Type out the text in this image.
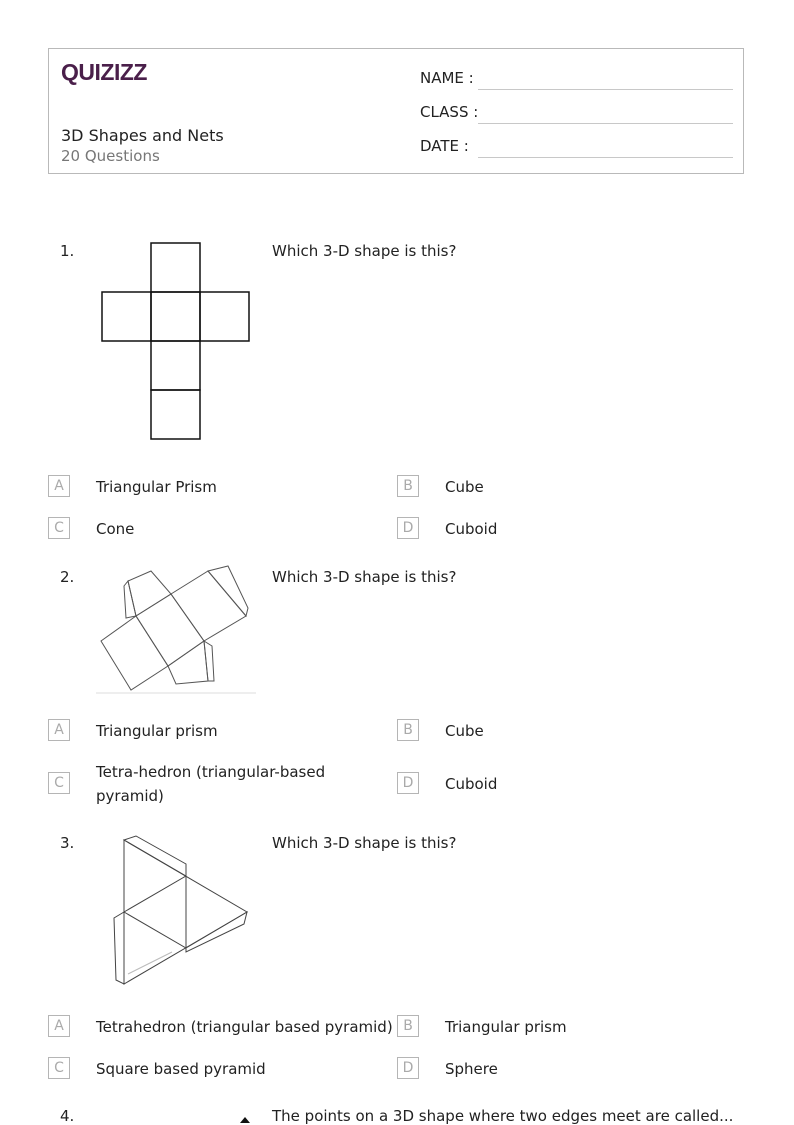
QUIZIZZ
3D Shapes and Nets
20 Questions
NAME :
CLASS :
DATE :
1.	Which 3-D shape is this?
A	Triangular Prism	B	Cube
C	Cone	D	Cuboid
2.	Which 3-D shape is this?
A	Triangular prism	B	Cube
C
Tetra-hedron (triangular-based pyramid)
D	Cuboid
3.	Which 3-D shape is this?
A	Tetrahedron (triangular based pyramid) B	Triangular prism
C	Square based pyramid	D	Sphere
4.	The points on a 3D shape where two edges meet are called...
